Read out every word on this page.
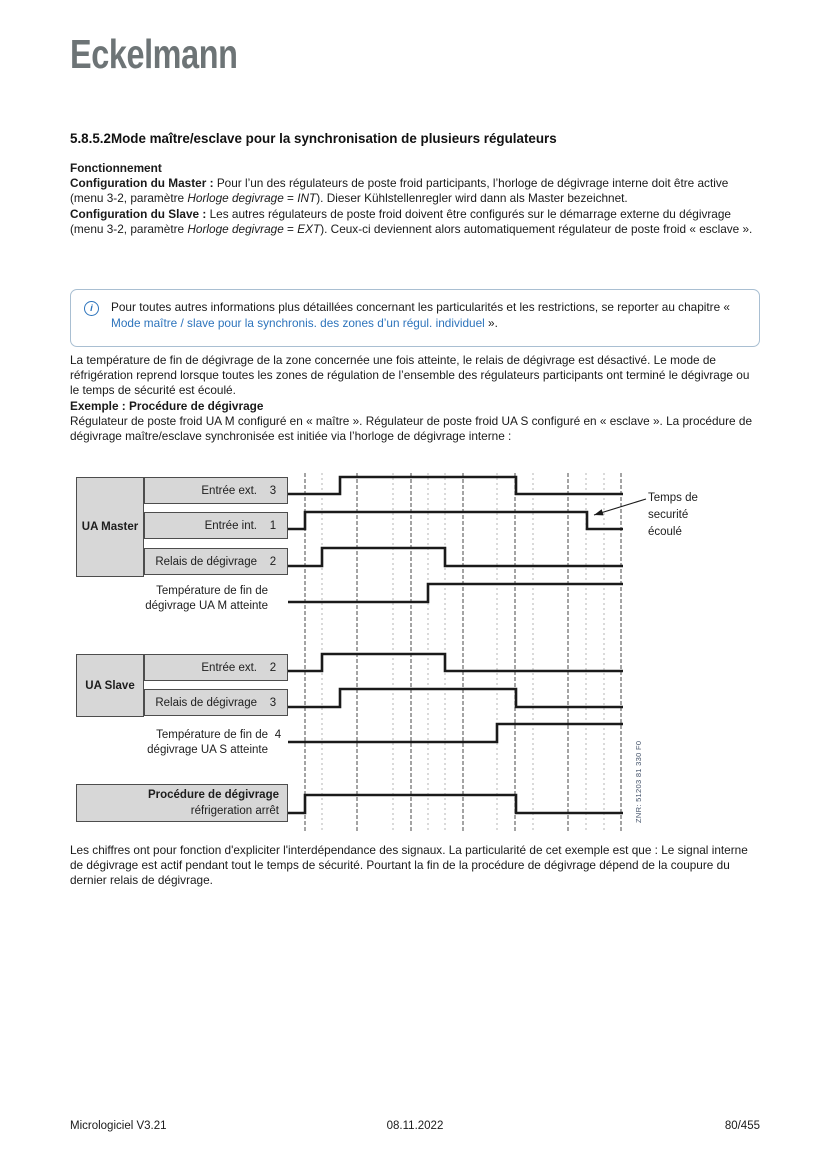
Eckelmann
5.8.5.2Mode maître/esclave pour la synchronisation de plusieurs régulateurs

Fonctionnement

Configuration du Master : Pour l’un des régulateurs de poste froid participants, l’horloge de dégivrage interne doit être active (menu 3-2, paramètre Horloge degivrage = INT). Dieser Kühlstellenregler wird dann als Master bezeichnet.
Configuration du Slave : Les autres régulateurs de poste froid doivent être configurés sur le démarrage externe du dégivrage (menu 3-2, paramètre Horloge degivrage = EXT). Ceux-ci deviennent alors automatiquement régulateur de poste froid « esclave ».

i	Pour toutes autres informations plus détaillées concernant les particularités et les restrictions, se reporter au chapitre « Mode maître / slave pour la synchronis. des zones d’un régul. individuel ».

La température de fin de dégivrage de la zone concernée une fois atteinte, le relais de dégivrage est désactivé. Le mode de réfrigération reprend lorsque toutes les zones de régulation de l’ensemble des régulateurs participants ont terminé le dégivrage ou le temps de sécurité est écoulé.
Exemple : Procédure de dégivrage
Régulateur de poste froid UA M configuré en « maître ». Régulateur de poste froid UA S configuré en « esclave ». La procédure de dégivrage maître/esclave synchronisée est initiée via l’horloge de dégivrage interne :

UA Master
UA Slave
Entrée ext.	3
Entrée int.	1
Relais de dégivrage	2
Entrée ext.	2
Relais de dégivrage	3
Température de fin de
dégivrage UA M atteinte
Température de fin de
dégivrage UA S atteinte
4
Procédure de dégivrage
réfrigeration arrêt
Temps de
securité
écoulé
ZNR: 51203 81 330 F0

Les chiffres ont pour fonction d'expliciter l'interdépendance des signaux. La particularité de cet exemple est que : Le signal interne de dégivrage est actif pendant tout le temps de sécurité. Pourtant la fin de la procédure de dégivrage dépend de la coupure du dernier relais de dégivrage.

Micrologiciel V3.21	08.11.2022	80/455
